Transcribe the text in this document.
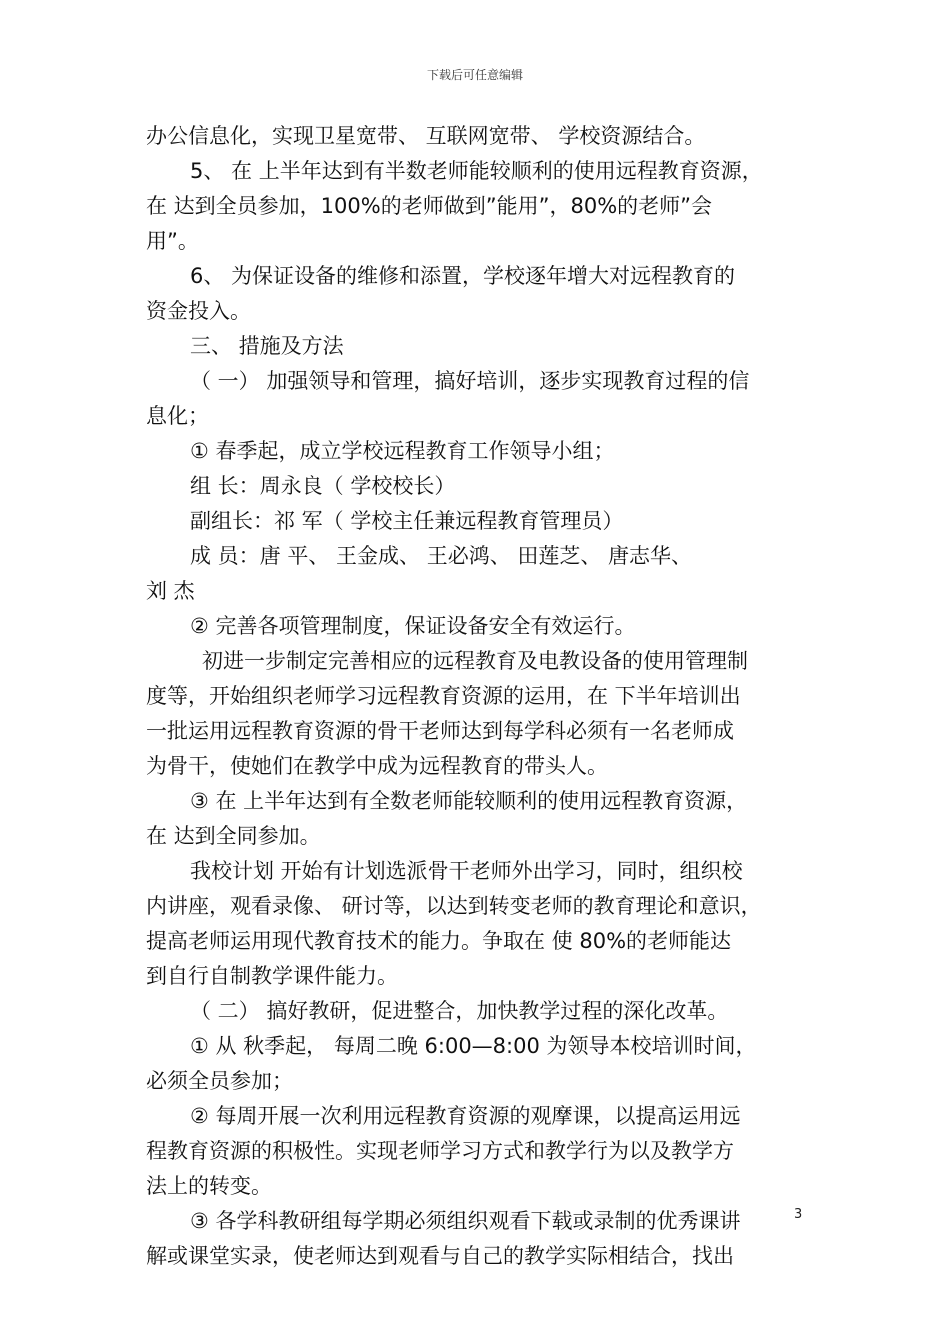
下载后可任意编辑
办公信息化，实现卫星宽带、 互联网宽带、 学校资源结合。
5、 在 上半年达到有半数老师能较顺利的使用远程教育资源，
在 达到全员参加，100%的老师做到”能用”，80%的老师”会
用”。
6、 为保证设备的维修和添置，学校逐年增大对远程教育的
资金投入。
三、 措施及方法
（ 一） 加强领导和管理，搞好培训，逐步实现教育过程的信
息化；
① 春季起，成立学校远程教育工作领导小组；
组 长：周永良（ 学校校长）
副组长：祁 军（ 学校主任兼远程教育管理员）
成 员：唐 平、 王金成、 王必鸿、 田莲芝、 唐志华、
刘 杰
② 完善各项管理制度，保证设备安全有效运行。
初进一步制定完善相应的远程教育及电教设备的使用管理制
度等，开始组织老师学习远程教育资源的运用，在 下半年培训出
一批运用远程教育资源的骨干老师达到每学科必须有一名老师成
为骨干，使她们在教学中成为远程教育的带头人。
③ 在 上半年达到有全数老师能较顺利的使用远程教育资源，
在 达到全同参加。
我校计划 开始有计划选派骨干老师外出学习，同时，组织校
内讲座，观看录像、 研讨等，以达到转变老师的教育理论和意识，
提高老师运用现代教育技术的能力。争取在 使 80%的老师能达
到自行自制教学课件能力。
（ 二） 搞好教研，促进整合，加快教学过程的深化改革。
① 从 秋季起， 每周二晚 6:00—8:00 为领导本校培训时间，
必须全员参加；
② 每周开展一次利用远程教育资源的观摩课，以提高运用远
程教育资源的积极性。实现老师学习方式和教学行为以及教学方
法上的转变。
③ 各学科教研组每学期必须组织观看下载或录制的优秀课讲
解或课堂实录，使老师达到观看与自己的教学实际相结合，找出
3
